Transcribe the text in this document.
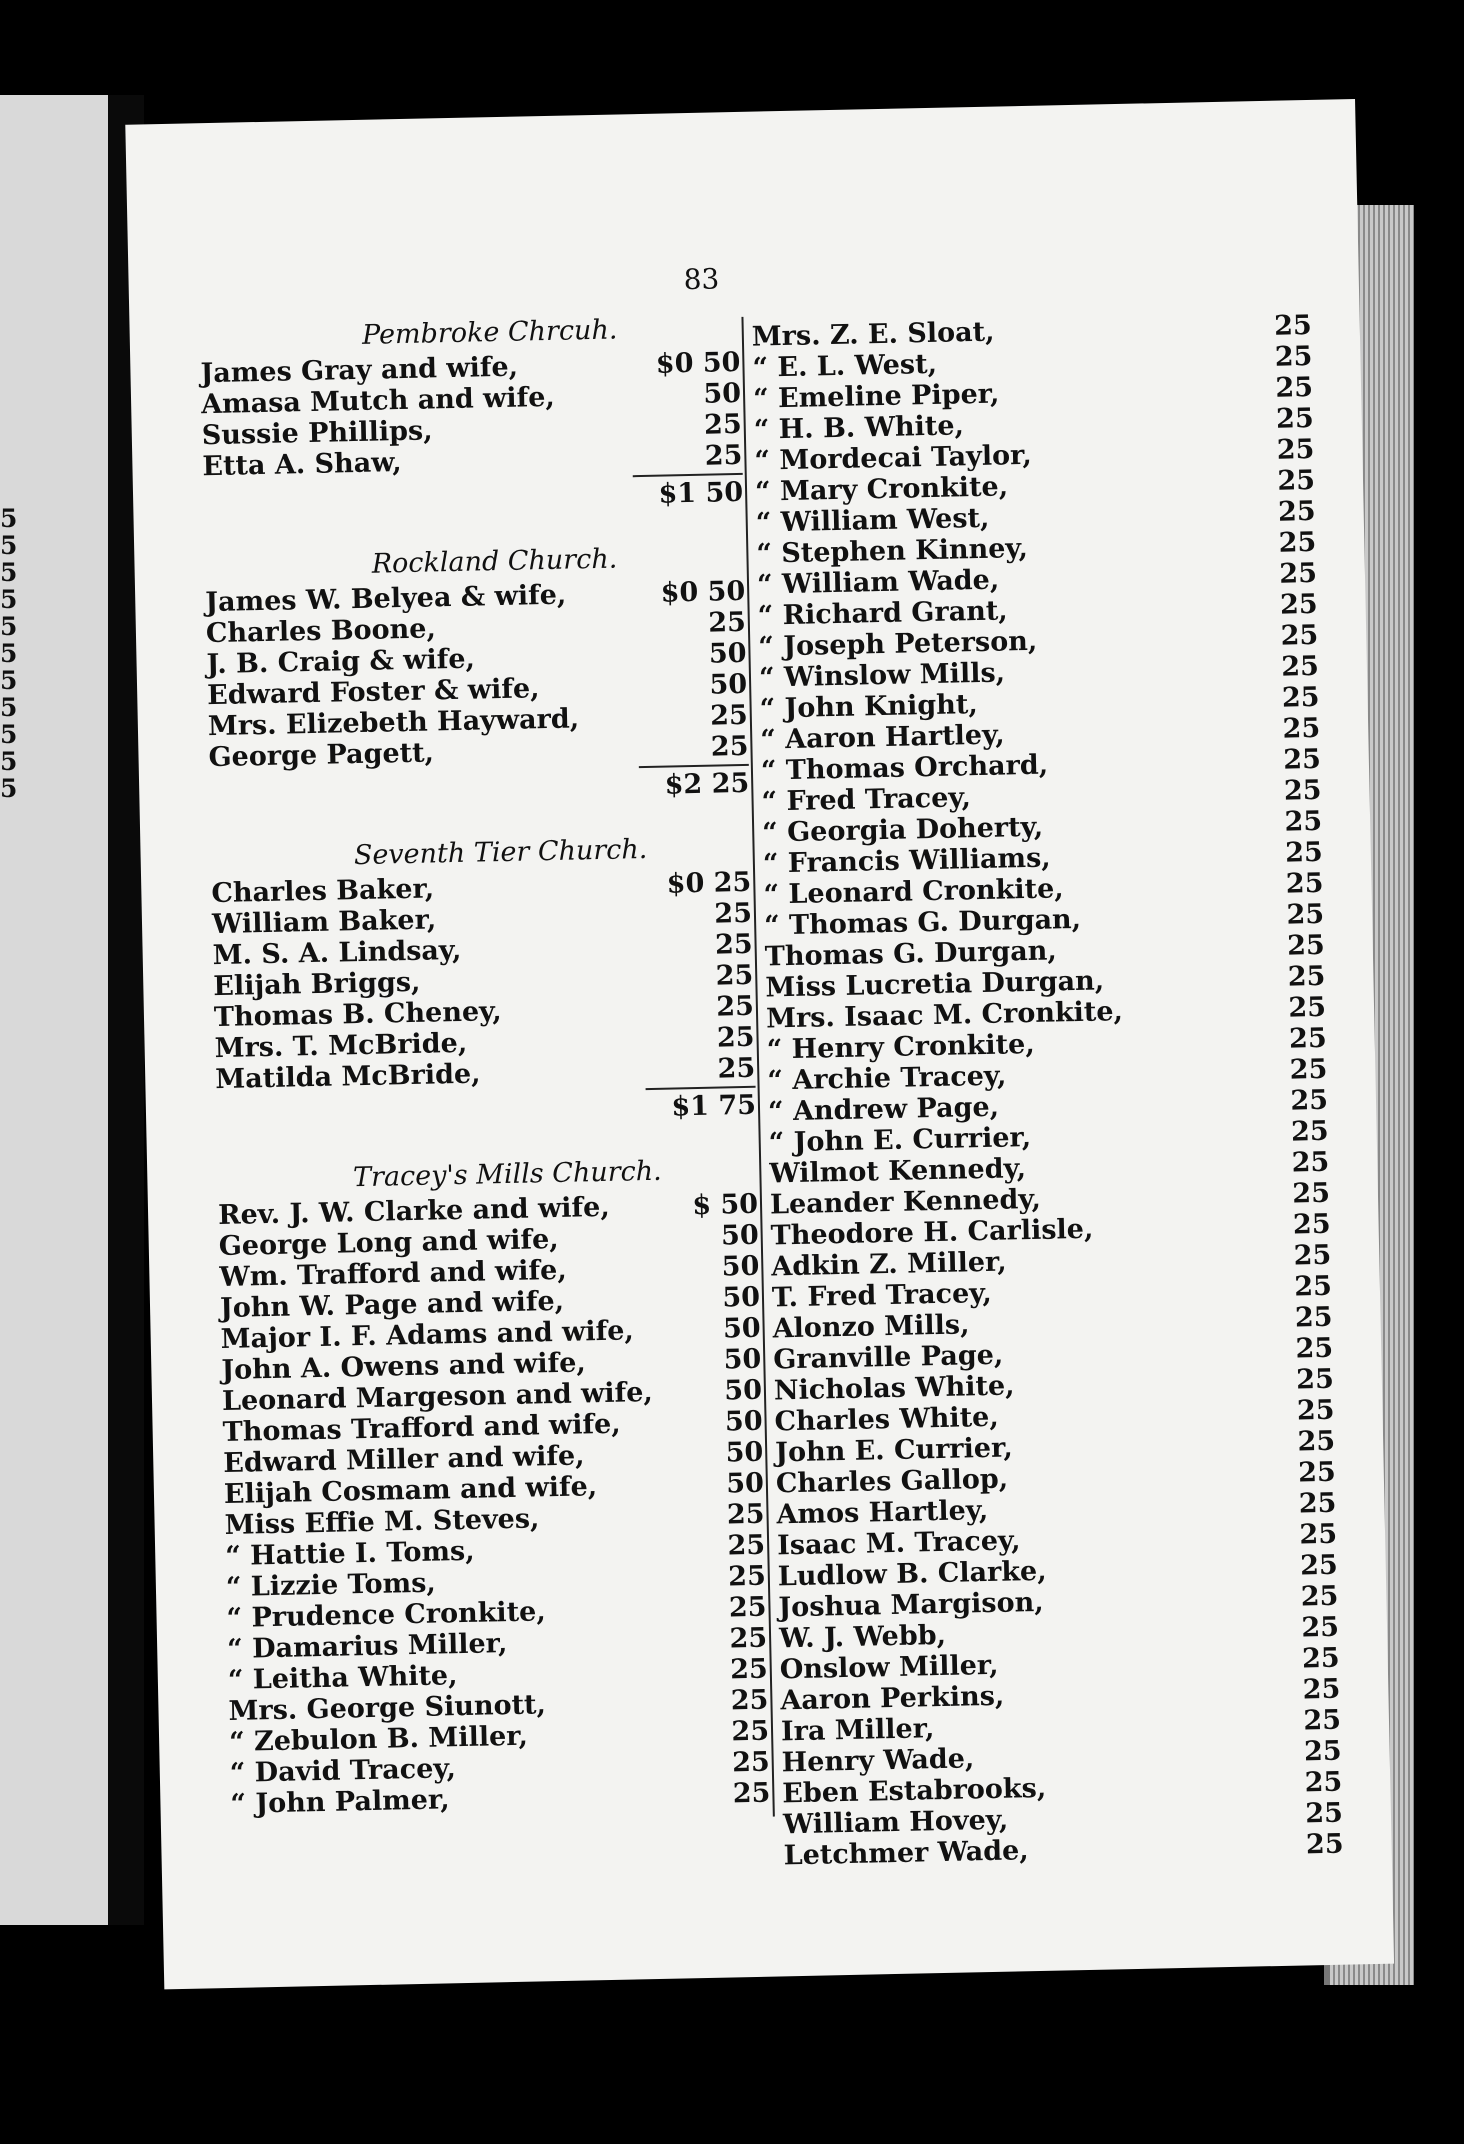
5
5
5
5
5
5
5
5
5
5
5
83
Pembroke Chrcuh.
James Gray and wife,	$0 50
Amasa Mutch and wife,	50
Sussie Phillips,	25
Etta A. Shaw,	25
$1 50
Rockland Church.
James W. Belyea & wife,	$0 50
Charles Boone,	25
J. B. Craig & wife,	50
Edward Foster & wife,	50
Mrs. Elizebeth Hayward,	25
George Pagett,	25
$2 25
Seventh Tier Church.
Charles Baker,	$0 25
William Baker,	25
M. S. A. Lindsay,	25
Elijah Briggs,	25
Thomas B. Cheney,	25
Mrs. T. McBride,	25
Matilda McBride,	25
$1 75
Tracey's Mills Church.
Rev. J. W. Clarke and wife,	$ 50
George Long and wife,	50
Wm. Trafford and wife,	50
John W. Page and wife,	50
Major I. F. Adams and wife,	50
John A. Owens and wife,	50
Leonard Margeson and wife,	50
Thomas Trafford and wife,	50
Edward Miller and wife,	50
Elijah Cosmam and wife,	50
Miss Effie M. Steves,	25
“ Hattie I. Toms,	25
“ Lizzie Toms,	25
“ Prudence Cronkite,	25
“ Damarius Miller,	25
“ Leitha White,	25
Mrs. George Siunott,	25
“ Zebulon B. Miller,	25
“ David Tracey,	25
“ John Palmer,	25
Mrs. Z. E. Sloat,	25
“ E. L. West,	25
“ Emeline Piper,	25
“ H. B. White,	25
“ Mordecai Taylor,	25
“ Mary Cronkite,	25
“ William West,	25
“ Stephen Kinney,	25
“ William Wade,	25
“ Richard Grant,	25
“ Joseph Peterson,	25
“ Winslow Mills,	25
“ John Knight,	25
“ Aaron Hartley,	25
“ Thomas Orchard,	25
“ Fred Tracey,	25
“ Georgia Doherty,	25
“ Francis Williams,	25
“ Leonard Cronkite,	25
“ Thomas G. Durgan,	25
Thomas G. Durgan,	25
Miss Lucretia Durgan,	25
Mrs. Isaac M. Cronkite,	25
“ Henry Cronkite,	25
“ Archie Tracey,	25
“ Andrew Page,	25
“ John E. Currier,	25
Wilmot Kennedy,	25
Leander Kennedy,	25
Theodore H. Carlisle,	25
Adkin Z. Miller,	25
T. Fred Tracey,	25
Alonzo Mills,	25
Granville Page,	25
Nicholas White,	25
Charles White,	25
John E. Currier,	25
Charles Gallop,	25
Amos Hartley,	25
Isaac M. Tracey,	25
Ludlow B. Clarke,	25
Joshua Margison,	25
W. J. Webb,	25
Onslow Miller,	25
Aaron Perkins,	25
Ira Miller,	25
Henry Wade,	25
Eben Estabrooks,	25
William Hovey,	25
Letchmer Wade,	25
